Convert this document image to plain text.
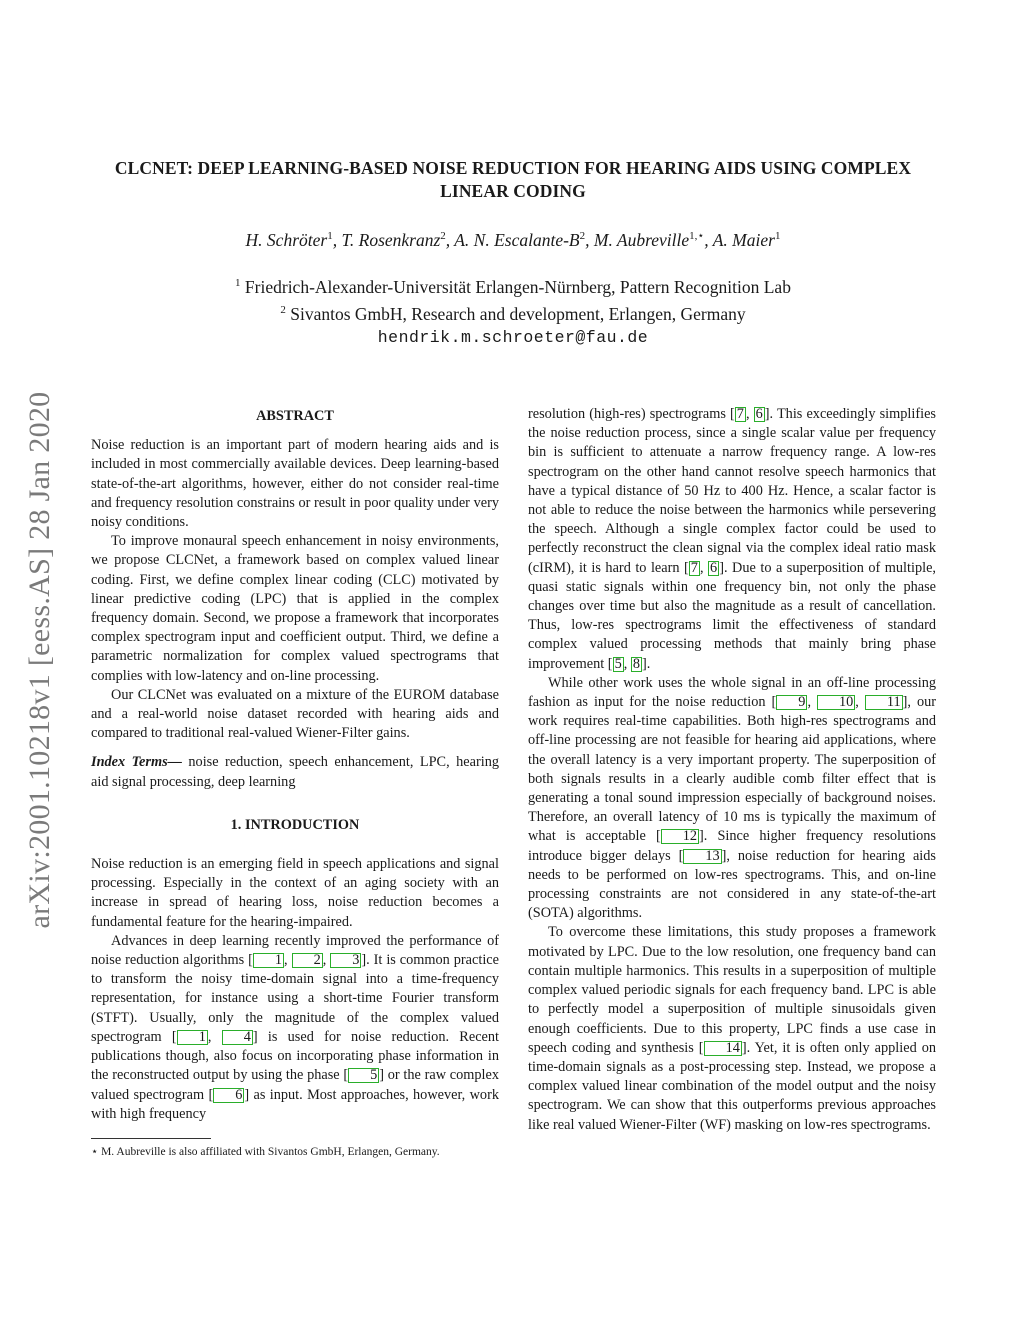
arXiv:2001.10218v1 [eess.AS] 28 Jan 2020
CLCNET: DEEP LEARNING-BASED NOISE REDUCTION FOR HEARING AIDS USING COMPLEX LINEAR CODING
H. Schröter$^1$, T. Rosenkranz$^2$, A. N. Escalante-$B^2$, M. Aubreville$^{1,⋆}$, A. Maier$^1$
$^1$ Friedrich-Alexander-Universität Erlangen-Nürnberg, Pattern Recognition Lab
$^2$ Sivantos GmbH, Research and development, Erlangen, Germany
hendrik.m.schroeter@fau.de
ABSTRACT

Noise reduction is an important part of modern hearing aids and is included in most commercially available devices. Deep learning-based state-of-the-art algorithms, however, either do not consider real-time and frequency resolution constrains or result in poor quality under very noisy conditions.

To improve monaural speech enhancement in noisy environments, we propose CLCNet, a framework based on complex valued linear coding. First, we define complex linear coding (CLC) motivated by linear predictive coding (LPC) that is applied in the complex frequency domain. Second, we propose a framework that incorporates complex spectrogram input and coefficient output. Third, we define a parametric normalization for complex valued spectrograms that complies with low-latency and on-line processing.

Our CLCNet was evaluated on a mixture of the EUROM database and a real-world noise dataset recorded with hearing aids and compared to traditional real-valued Wiener-Filter gains.

Index Terms— noise reduction, speech enhancement, LPC, hearing aid signal processing, deep learning

1. INTRODUCTION

Noise reduction is an emerging field in speech applications and signal processing. Especially in the context of an aging society with an increase in spread of hearing loss, noise reduction becomes a fundamental feature for the hearing-impaired.

Advances in deep learning recently improved the performance of noise reduction algorithms [ 1 , 2 , 3 ]. It is common practice to transform the noisy time-domain signal into a time-frequency representation, for instance using a short-time Fourier transform (STFT). Usually, only the magnitude of the complex valued spectrogram [ 1 , 4 ] is used for noise reduction. Recent publications though, also focus on incorporating phase information in the reconstructed output by using the phase [ 5 ] or the raw complex valued spectrogram [ 6 ] as input. Most approaches, however, work with high frequency

⋆ M. Aubreville is also affiliated with Sivantos GmbH, Erlangen, Germany.

resolution (high-res) spectrograms [ 7 , 6 ]. This exceedingly simplifies the noise reduction process, since a single scalar value per frequency bin is sufficient to attenuate a narrow frequency range. A low-res spectrogram on the other hand cannot resolve speech harmonics that have a typical distance of 50 Hz to 400 Hz. Hence, a scalar factor is not able to reduce the noise between the harmonics while persevering the speech. Although a single complex factor could be used to perfectly reconstruct the clean signal via the complex ideal ratio mask (cIRM), it is hard to learn [ 7 , 6 ]. Due to a superposition of multiple, quasi static signals within one frequency bin, not only the phase changes over time but also the magnitude as a result of cancellation. Thus, low-res spectrograms limit the effectiveness of standard complex valued processing methods that mainly bring phase improvement [ 5 , 8 ].

While other work uses the whole signal in an off-line processing fashion as input for the noise reduction [ 9 , 10 , 11 ], our work requires real-time capabilities. Both high-res spectrograms and off-line processing are not feasible for hearing aid applications, where the overall latency is a very important property. The superposition of both signals results in a clearly audible comb filter effect that is generating a tonal sound impression especially of background noises. Therefore, an overall latency of 10 ms is typically the maximum of what is acceptable [ 12 ]. Since higher frequency resolutions introduce bigger delays [ 13 ], noise reduction for hearing aids needs to be performed on low-res spectrograms. This, and on-line processing constraints are not considered in any state-of-the-art (SOTA) algorithms.

To overcome these limitations, this study proposes a framework motivated by LPC. Due to the low resolution, one frequency band can contain multiple harmonics. This results in a superposition of multiple complex valued periodic signals for each frequency band. LPC is able to perfectly model a superposition of multiple sinusoidals given enough coefficients. Due to this property, LPC finds a use case in speech coding and synthesis [ 14 ]. Yet, it is often only applied on time-domain signals as a post-processing step. Instead, we propose a complex valued linear combination of the model output and the noisy spectrogram. We can show that this outperforms previous approaches like real valued Wiener-Filter (WF) masking on low-res spectrograms.
